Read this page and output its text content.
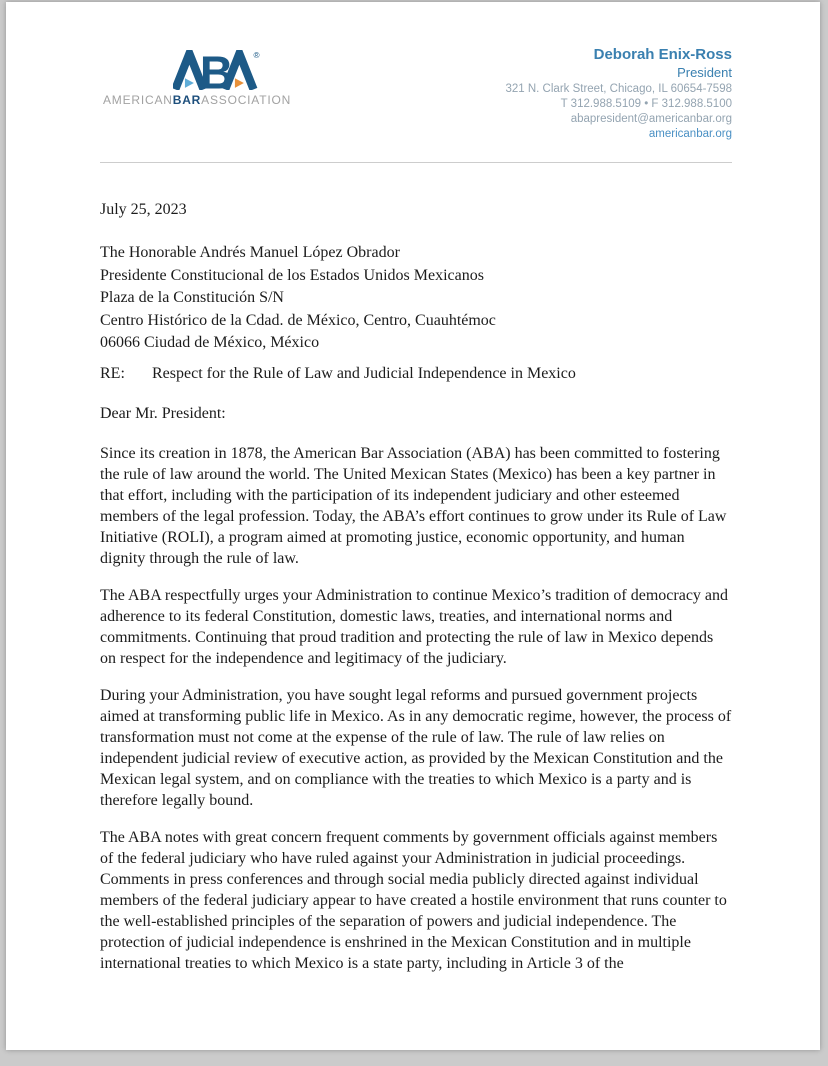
B ®
AMERICANBARASSOCIATION
Deborah Enix-Ross
President
321 N. Clark Street, Chicago, IL 60654-7598
T 312.988.5109 • F 312.988.5100
abapresident@americanbar.org
americanbar.org
July 25, 2023
The Honorable Andrés Manuel López Obrador
Presidente Constitucional de los Estados Unidos Mexicanos
Plaza de la Constitución S/N
Centro Histórico de la Cdad. de México, Centro, Cuauhtémoc
06066 Ciudad de México, México
RE: Respect for the Rule of Law and Judicial Independence in Mexico
Dear Mr. President:

Since its creation in 1878, the American Bar Association (ABA) has been committed to fostering the rule of law around the world. The United Mexican States (Mexico) has been a key partner in that effort, including with the participation of its independent judiciary and other esteemed members of the legal profession. Today, the ABA’s effort continues to grow under its Rule of Law Initiative (ROLI), a program aimed at promoting justice, economic opportunity, and human dignity through the rule of law.

The ABA respectfully urges your Administration to continue Mexico’s tradition of democracy and adherence to its federal Constitution, domestic laws, treaties, and international norms and commitments. Continuing that proud tradition and protecting the rule of law in Mexico depends on respect for the independence and legitimacy of the judiciary.

During your Administration, you have sought legal reforms and pursued government projects aimed at transforming public life in Mexico. As in any democratic regime, however, the process of transformation must not come at the expense of the rule of law. The rule of law relies on independent judicial review of executive action, as provided by the Mexican Constitution and the Mexican legal system, and on compliance with the treaties to which Mexico is a party and is therefore legally bound.

The ABA notes with great concern frequent comments by government officials against members of the federal judiciary who have ruled against your Administration in judicial proceedings. Comments in press conferences and through social media publicly directed against individual members of the federal judiciary appear to have created a hostile environment that runs counter to the well-established principles of the separation of powers and judicial independence. The protection of judicial independence is enshrined in the Mexican Constitution and in multiple international treaties to which Mexico is a state party, including in Article 3 of the
